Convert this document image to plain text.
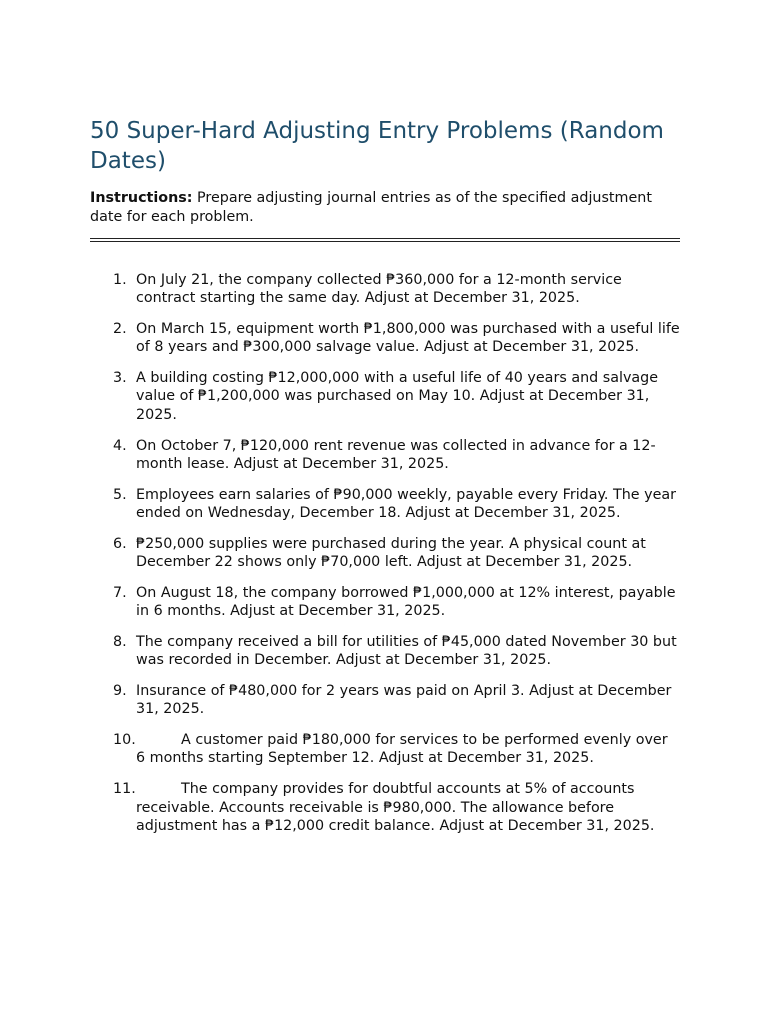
50 Super-Hard Adjusting Entry Problems (Random Dates)

Instructions: Prepare adjusting journal entries as of the specified adjustment date for each problem.

1. On July 21, the company collected ₱360,000 for a 12-month service contract starting the same day. Adjust at December 31, 2025.
2. On March 15, equipment worth ₱1,800,000 was purchased with a useful life of 8 years and ₱300,000 salvage value. Adjust at December 31, 2025.
3. A building costing ₱12,000,000 with a useful life of 40 years and salvage value of ₱1,200,000 was purchased on May 10. Adjust at December 31, 2025.
4. On October 7, ₱120,000 rent revenue was collected in advance for a 12-month lease. Adjust at December 31, 2025.
5. Employees earn salaries of ₱90,000 weekly, payable every Friday. The year ended on Wednesday, December 18. Adjust at December 31, 2025.
6. ₱250,000 supplies were purchased during the year. A physical count at December 22 shows only ₱70,000 left. Adjust at December 31, 2025.
7. On August 18, the company borrowed ₱1,000,000 at 12% interest, payable in 6 months. Adjust at December 31, 2025.
8. The company received a bill for utilities of ₱45,000 dated November 30 but was recorded in December. Adjust at December 31, 2025.
9. Insurance of ₱480,000 for 2 years was paid on April 3. Adjust at December 31, 2025.
10.	A customer paid ₱180,000 for services to be performed evenly over 6 months starting September 12. Adjust at December 31, 2025.
11.	The company provides for doubtful accounts at 5% of accounts receivable. Accounts receivable is ₱980,000. The allowance before adjustment has a ₱12,000 credit balance. Adjust at December 31, 2025.
